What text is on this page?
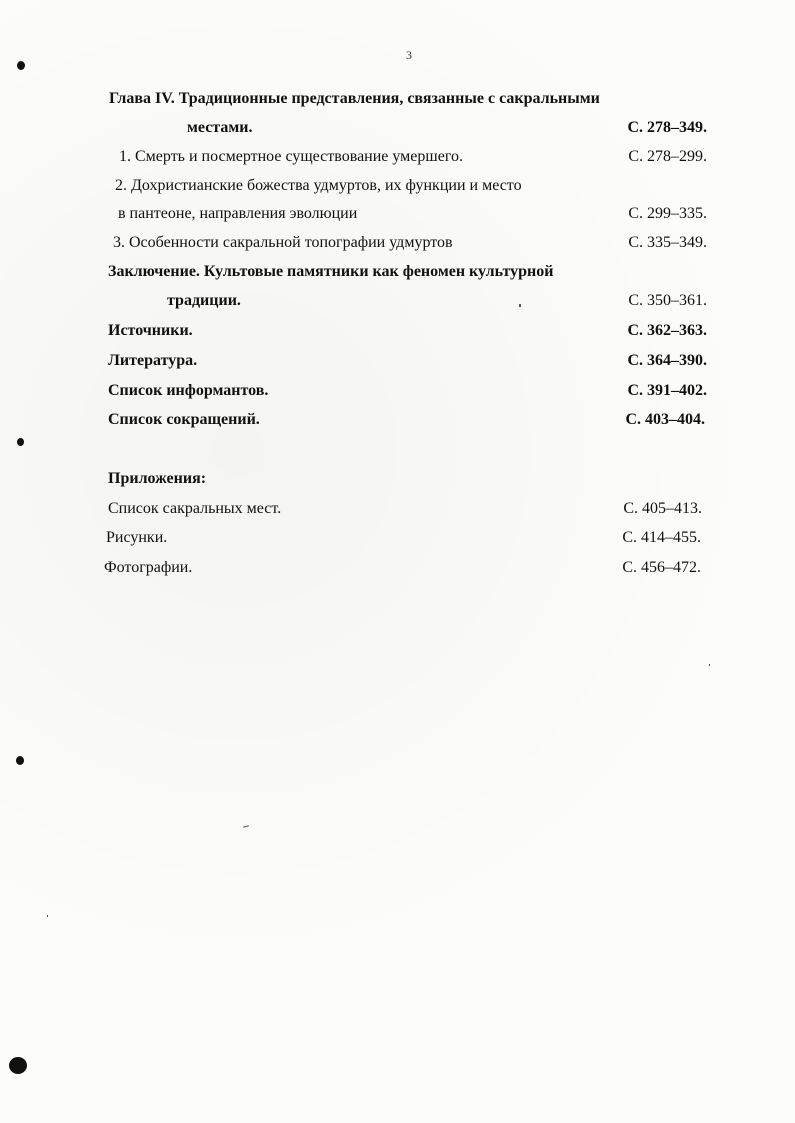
3
Глава IV. Традиционные представления, связанные с сакральными
местами.	С. 278–349.
1. Смерть и посмертное существование умершего.	С. 278–299.
2. Дохристианские божества удмуртов, их функции и место
в пантеоне, направления эволюции	С. 299–335.
3. Особенности сакральной топографии удмуртов	С. 335–349.
Заключение. Культовые памятники как феномен культурной
традиции.	С. 350–361.
Источники.	С. 362–363.
Литература.	С. 364–390.
Список информантов.	С. 391–402.
Список сокращений.	С. 403–404.
Приложения:
Список сакральных мест.	С. 405–413.
Рисунки.	С. 414–455.
Фотографии.	С. 456–472.
